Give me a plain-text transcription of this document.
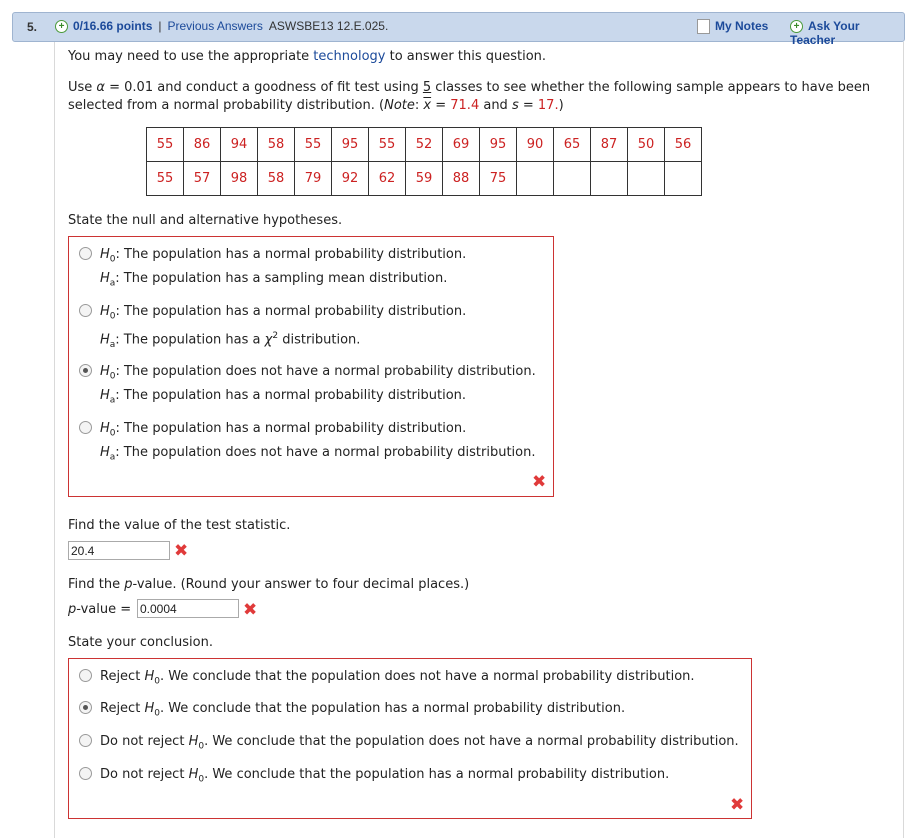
5.	+ 0/16.66 points | Previous Answers ASWSBE13 12.E.025.	My Notes	+ Ask Your Teacher
You may need to use the appropriate technology to answer this question.
Use α = 0.01 and conduct a goodness of fit test using 5 classes to see whether the following sample appears to have been
selected from a normal probability distribution. (Note: $\overline{x} = 71.4$ and s = 17.)
55	86	94	58	55	95	55	52	69	95	90	65	87	50	56
55	57	98	58	79	92	62	59	88	75					
State the null and alternative hypotheses.
$H_0$: The population has a normal probability distribution.
$H_a$: The population has a sampling mean distribution.
$H_0$: The population has a normal probability distribution.
$H_a$: The population has a $\chi^2$ distribution.
$H_0$: The population does not have a normal probability distribution.
$H_a$: The population has a normal probability distribution.
$H_0$: The population has a normal probability distribution.
$H_a$: The population does not have a normal probability distribution.
✖
Find the value of the test statistic.
20.4	✖
Find the p-value. (Round your answer to four decimal places.)
p-value = 0.0004	✖
State your conclusion.
Reject $H_0$. We conclude that the population does not have a normal probability distribution.
Reject $H_0$. We conclude that the population has a normal probability distribution.
Do not reject $H_0$. We conclude that the population does not have a normal probability distribution.
Do not reject $H_0$. We conclude that the population has a normal probability distribution.
✖
